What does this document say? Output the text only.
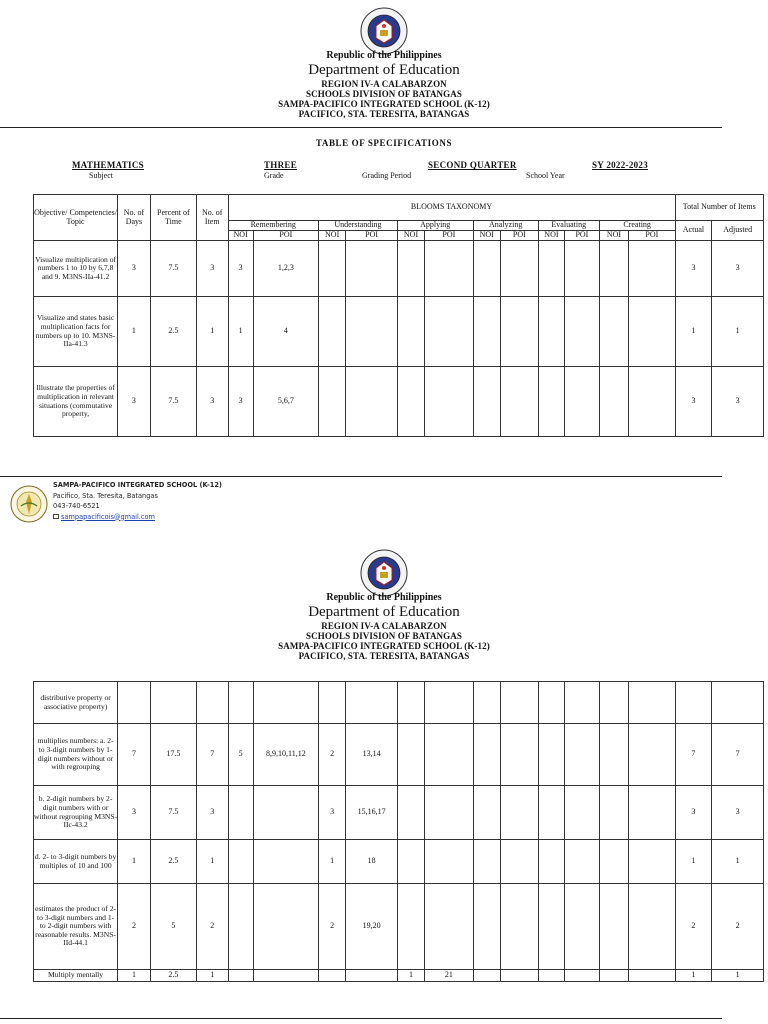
Republic of the Philippines
Department of Education
REGION IV-A CALABARZON
SCHOOLS DIVISION OF BATANGAS
SAMPA-PACIFICO INTEGRATED SCHOOL (K-12)
PACIFICO, STA. TERESITA, BATANGAS
TABLE OF SPECIFICATIONS
MATHEMATICS
Subject
THREE
Grade
SECOND QUARTER
Grading Period
SY 2022-2023
School Year
Objective/ Competencies/ Topic	No. of Days	Percent of Time	No. of Item	BLOOMS TAXONOMY												Total Number of Items	
				Remembering		Understanding		Applying		Analyzing		Evaluating		Creating		Actual	Adjusted
				NOI	POI	NOI	POI	NOI	POI	NOI	POI	NOI	POI	NOI	POI		
Visualize multiplication of numbers 1 to 10 by 6,7,8 and 9. M3NS-IIa-41.2	3	7.5	3	3	1,2,3											3	3
Visualize and states basic multiplication facts for numbers up to 10. M3NS-IIa-41.3	1	2.5	1	1	4											1	1
Illustrate the properties of multiplication in relevant situations (commutative property,	3	7.5	3	3	5,6,7											3	3
SAMPA-PACIFICO INTEGRATED SCHOOL (K-12)
Pacifico, Sta. Teresita, Batangas
043-740-6521
sampapacificois@gmail.com
Republic of the Philippines
Department of Education
REGION IV-A CALABARZON
SCHOOLS DIVISION OF BATANGAS
SAMPA-PACIFICO INTEGRATED SCHOOL (K-12)
PACIFICO, STA. TERESITA, BATANGAS
distributive property or associative property)																	
multiplies numbers: a. 2- to 3-digit numbers by 1-digit numbers without or with regrouping	7	17.5	7	5	8,9,10,11,12	2	13,14									7	7
b. 2-digit numbers by 2-digit numbers with or without regrouping M3NS-IIc-43.2	3	7.5	3			3	15,16,17									3	3
d. 2- to 3-digit numbers by multiples of 10 and 100	1	2.5	1			1	18									1	1
estimates the product of 2- to 3-digit numbers and 1- to 2-digit numbers with reasonable results. M3NS-IId-44.1	2	5	2			2	19,20									2	2
Multiply mentally	1	2.5	1					1	21							1	1
